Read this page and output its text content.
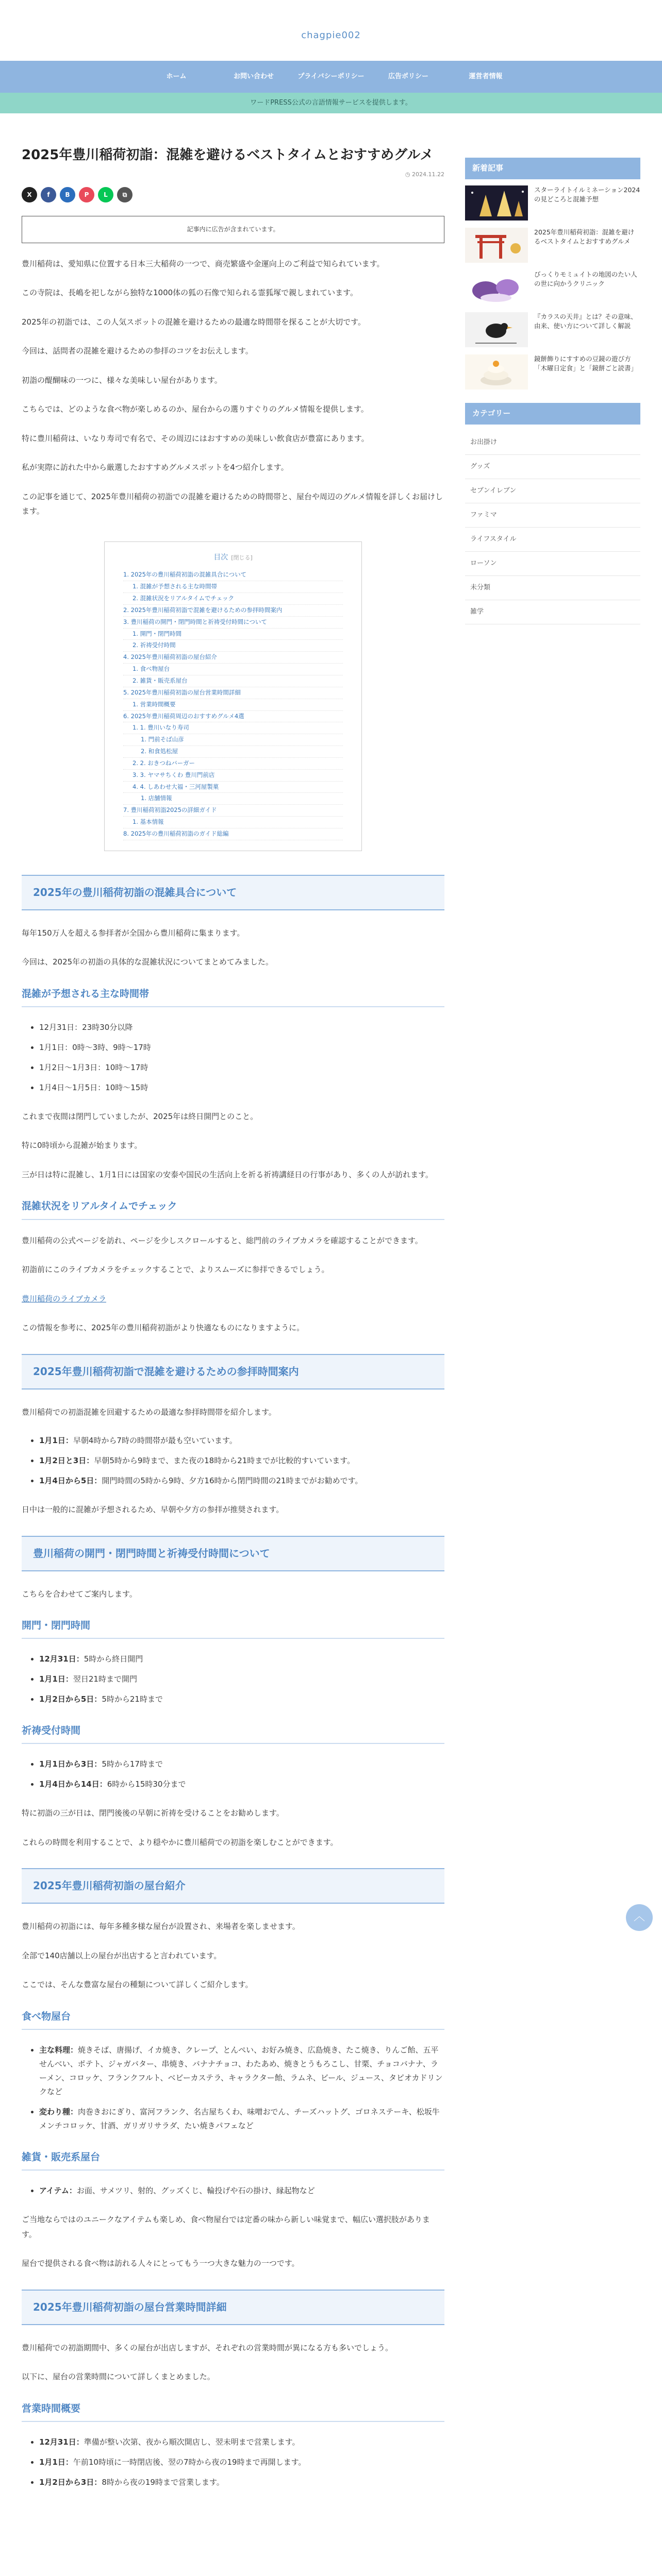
chagpie002
ホーム	お問い合わせ	プライバシーポリシー	広告ポリシー	運営者情報
ワードPRESS公式の言語情報サービスを提供します。
2025年豊川稲荷初詣：混雑を避けるベストタイムとおすすめグルメ
◷ 2024.11.22
X	f	B	P	L	⧉
記事内に広告が含まれています。

豊川稲荷は、愛知県に位置する日本三大稲荷の一つで、商売繁盛や金運向上のご利益で知られています。

この寺院は、長嶋を祀しながら独特な1000体の狐の石像で知られる霊狐塚で親しまれています。

2025年の初詣では、この人気スポットの混雑を避けるための最適な時間帯を探ることが大切です。

今回は、話問者の混雑を避けるための参拝のコツをお伝えします。

初詣の醍醐味の一つに、様々な美味しい屋台があります。

こちらでは、どのような食べ物が楽しめるのか、屋台からの選りすぐりのグルメ情報を提供します。

特に豊川稲荷は、いなり寿司で有名で、その周辺にはおすすめの美味しい飲食店が豊富にあります。

私が実際に訪れた中から厳選したおすすめグルメスポットを4つ紹介します。

この記事を通じて、2025年豊川稲荷の初詣での混雑を避けるための時間帯と、屋台や周辺のグルメ情報を詳しくお届けします。

目次 [閉じる]
1. 2025年の豊川稲荷初詣の混雑具合について
1. 混雑が予想される主な時間帯
2. 混雑状況をリアルタイムでチェック
2. 2025年豊川稲荷初詣で混雑を避けるための参拝時間案内
3. 豊川稲荷の開門・閉門時間と祈祷受付時間について
1. 開門・閉門時間
2. 祈祷受付時間
4. 2025年豊川稲荷初詣の屋台紹介
1. 食べ物屋台
2. 雑貨・販売系屋台
5. 2025年豊川稲荷初詣の屋台営業時間詳細
1. 営業時間概要
6. 2025年豊川稲荷周辺のおすすめグルメ4選
1. 1. 豊川いなり寿司
1. 門前そば山彦
2. 和食処松屋
2. 2. おきつねバーガー
3. 3. ヤマサちくわ 豊川門前店
4. 4. しあわせ大福・三河屋製菓
1. 店舗情報
7. 豊川稲荷初詣2025の詳細ガイド
1. 基本情報
8. 2025年の豊川稲荷初詣のガイド総編
2025年の豊川稲荷初詣の混雑具合について

毎年150万人を超える参拝者が全国から豊川稲荷に集まります。

今回は、2025年の初詣の具体的な混雑状況についてまとめてみました。

混雑が予想される主な時間帯
• 12月31日：23時30分以降
• 1月1日：0時〜3時、9時〜17時
• 1月2日〜1月3日：10時〜17時
• 1月4日〜1月5日：10時〜15時

これまで夜間は閉門していましたが、2025年は終日開門とのこと。

特に0時頃から混雑が始まります。

三が日は特に混雑し、1月1日には国家の安泰や国民の生活向上を祈る祈祷講経日の行事があり、多くの人が訪れます。

混雑状況をリアルタイムでチェック

豊川稲荷の公式ページを訪れ、ページを少しスクロールすると、総門前のライブカメラを確認することができます。

初詣前にこのライブカメラをチェックすることで、よりスムーズに参拝できるでしょう。

豊川稲荷のライブカメラ

この情報を参考に、2025年の豊川稲荷初詣がより快適なものになりますように。

2025年豊川稲荷初詣で混雑を避けるための参拝時間案内

豊川稲荷での初詣混雑を回避するための最適な参拝時間帯を紹介します。

• 1月1日：早朝4時から7時の時間帯が最も空いています。
• 1月2日と3日：早朝5時から9時まで、また夜の18時から21時までが比較的すいています。
• 1月4日から5日：開門時間の5時から9時、夕方16時から閉門時間の21時までがお勧めです。

日中は一般的に混雑が予想されるため、早朝や夕方の参拝が推奨されます。

豊川稲荷の開門・閉門時間と祈祷受付時間について

こちらを合わせてご案内します。

開門・閉門時間
• 12月31日：5時から終日開門
• 1月1日：翌日21時まで開門
• 1月2日から5日：5時から21時まで
祈祷受付時間
• 1月1日から3日：5時から17時まで
• 1月4日から14日：6時から15時30分まで

特に初詣の三が日は、閉門後後の早朝に祈祷を受けることをお勧めします。

これらの時間を利用することで、より穏やかに豊川稲荷での初詣を楽しむことができます。

2025年豊川稲荷初詣の屋台紹介

豊川稲荷の初詣には、毎年多種多様な屋台が設置され、来場者を楽しませます。

全部で140店舗以上の屋台が出店すると言われています。

ここでは、そんな豊富な屋台の種類について詳しくご紹介します。

食べ物屋台
• 主な料理：焼きそば、唐揚げ、イカ焼き、クレープ、とんぺい、お好み焼き、広島焼き、たこ焼き、りんご飴、五平せんべい、ポテト、ジャガバター、串焼き、バナナチョコ、わたあめ、焼きとうもろこし、甘栗、チョコバナナ、ラーメン、コロッケ、フランクフルト、ベビーカステラ、キャラクター飴、ラムネ、ビール、ジュース、タピオカドリンクなど
• 変わり種：肉巻きおにぎり、富河フランク、名古屋ちくわ、味噌おでん、チーズハットグ、ゴロネステーキ、松坂牛メンチコロッケ、甘酒、ガリガリサラダ、たい焼きパフェなど
雑貨・販売系屋台
• アイテム：お面、サメツリ、射的、グッズくじ、輪投げや石の掛け、縁起物など

ご当地ならではのユニークなアイテムも楽しめ、食べ物屋台では定番の味から新しい味覚まで、幅広い選択肢があります。

屋台で提供される食べ物は訪れる人々にとってもう一つ大きな魅力の一つです。

2025年豊川稲荷初詣の屋台営業時間詳細

豊川稲荷での初詣期間中、多くの屋台が出店しますが、それぞれの営業時間が異になる方も多いでしょう。

以下に、屋台の営業時間について詳しくまとめました。

営業時間概要
• 12月31日：準備が整い次第、夜から順次開店し、翌未明まで営業します。
• 1月1日：午前10時頃に一時閉店後、翌の7時から夜の19時まで再開します。
• 1月2日から3日：8時から夜の19時まで営業します。
新着記事
スターライトイルミネーション2024の見どころと混雑予想
2025年豊川稲荷初詣：混雑を避けるベストタイムとおすすめグルメ
びっくりモミュイトの地図のたい人の世に向かうクリニック
『カラスの天井』とは？その意味、由来、使い方について詳しく解説
鏡餅飾りにすすめの豆鏡の遊び方「木曜日定食」と「鏡餅ごと読書」
カテゴリー
お出掛け
グッズ
セブンイレブン
ファミマ
ライフスタイル
ローソン
未分類
雑学
︿
